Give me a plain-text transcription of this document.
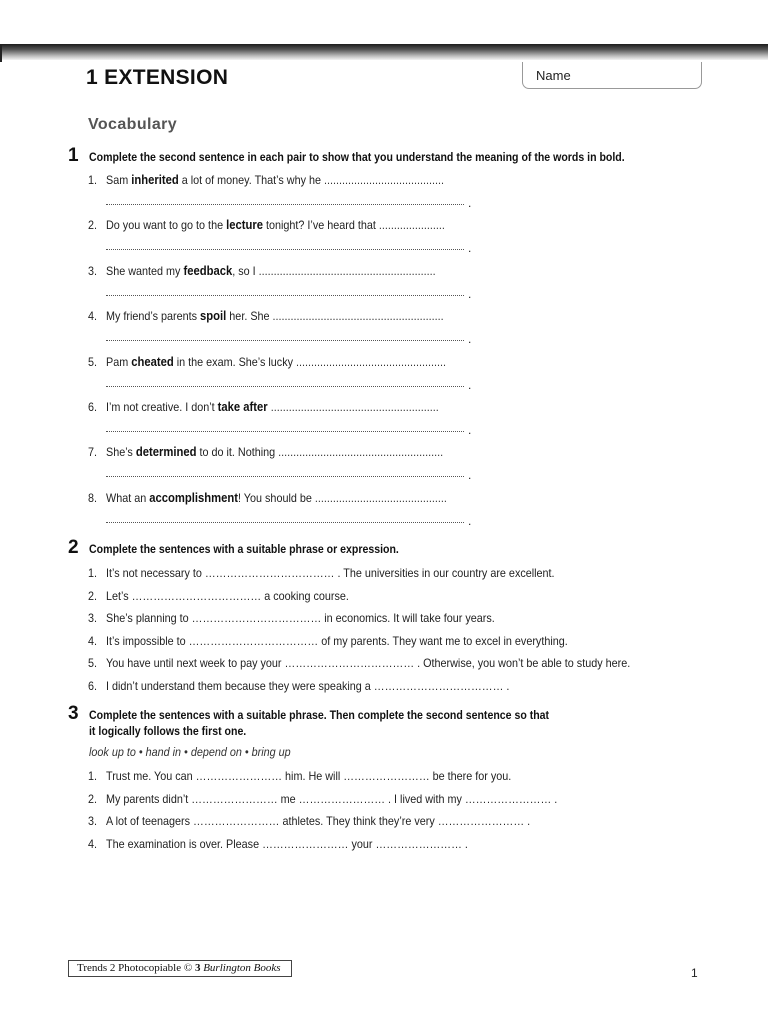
1 EXTENSION	Name
Vocabulary
1 Complete the second sentence in each pair to show that you understand the meaning of the words in bold.
1. Sam inherited a lot of money. That’s why he ........................................
.
2. Do you want to go to the lecture tonight? I’ve heard that ......................
.
3. She wanted my feedback, so I ...........................................................
.
4. My friend’s parents spoil her. She .........................................................
.
5. Pam cheated in the exam. She’s lucky ..................................................
.
6. I’m not creative. I don’t take after ........................................................
.
7. She’s determined to do it. Nothing .......................................................
.
8. What an accomplishment! You should be ............................................
.
2 Complete the sentences with a suitable phrase or expression.
1. It’s not necessary to ……………………………… . The universities in our country are excellent.
2. Let’s ……………………………… a cooking course.
3. She’s planning to ……………………………… in economics. It will take four years.
4. It’s impossible to ……………………………… of my parents. They want me to excel in everything.
5. You have until next week to pay your ……………………………… . Otherwise, you won’t be able to study here.
6. I didn’t understand them because they were speaking a ……………………………… .
3 Complete the sentences with a suitable phrase. Then complete the second sentence so that
it logically follows the first one.
look up to • hand in • depend on • bring up
1. Trust me. You can …………………… him. He will …………………… be there for you.
2. My parents didn’t …………………… me …………………… . I lived with my …………………… .
3. A lot of teenagers …………………… athletes. They think they’re very …………………… .
4. The examination is over. Please …………………… your …………………… .
Trends 2 Photocopiable © 3 Burlington Books	1
